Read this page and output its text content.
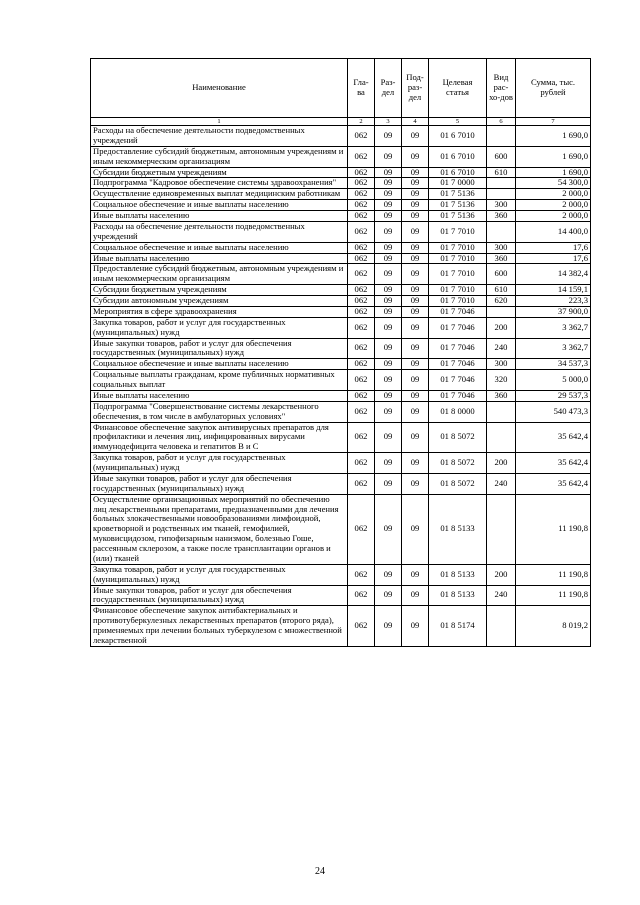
Наименование	Гла-ва	Раз-дел	Под-раз-дел	Целевая статья	Вид рас-хо-дов	Сумма, тыс. рублей
1	2	3	4	5	6	7
Расходы на обеспечение деятельности подведомственных учреждений	062	09	09	01 6 7010		1 690,0
Предоставление субсидий бюджетным, автономным учреждениям и иным некоммерческим организациям	062	09	09	01 6 7010	600	1 690,0
Субсидии бюджетным учреждениям	062	09	09	01 6 7010	610	1 690,0
Подпрограмма "Кадровое обеспечение системы здравоохранения"	062	09	09	01 7 0000		54 300,0
Осуществление единовременных выплат медицинским работникам	062	09	09	01 7 5136		2 000,0
Социальное обеспечение и иные выплаты населению	062	09	09	01 7 5136	300	2 000,0
Иные выплаты населению	062	09	09	01 7 5136	360	2 000,0
Расходы на обеспечение деятельности подведомственных учреждений	062	09	09	01 7 7010		14 400,0
Социальное обеспечение и иные выплаты населению	062	09	09	01 7 7010	300	17,6
Иные выплаты населению	062	09	09	01 7 7010	360	17,6
Предоставление субсидий бюджетным, автономным учреждениям и иным некоммерческим организациям	062	09	09	01 7 7010	600	14 382,4
Субсидии бюджетным учреждениям	062	09	09	01 7 7010	610	14 159,1
Субсидии автономным учреждениям	062	09	09	01 7 7010	620	223,3
Мероприятия в сфере здравоохранения	062	09	09	01 7 7046		37 900,0
Закупка товаров, работ и услуг для государственных (муниципальных) нужд	062	09	09	01 7 7046	200	3 362,7
Иные закупки товаров, работ и услуг для обеспечения государственных (муниципальных) нужд	062	09	09	01 7 7046	240	3 362,7
Социальное обеспечение и иные выплаты населению	062	09	09	01 7 7046	300	34 537,3
Социальные выплаты гражданам, кроме публичных нормативных социальных выплат	062	09	09	01 7 7046	320	5 000,0
Иные выплаты населению	062	09	09	01 7 7046	360	29 537,3
Подпрограмма "Совершенствование системы лекарственного обеспечения, в том числе в амбулаторных условиях"	062	09	09	01 8 0000		540 473,3
Финансовое обеспечение закупок антивирусных препаратов для профилактики и лечения лиц, инфицированных вирусами иммунодефицита человека и гепатитов В и С	062	09	09	01 8 5072		35 642,4
Закупка товаров, работ и услуг для государственных (муниципальных) нужд	062	09	09	01 8 5072	200	35 642,4
Иные закупки товаров, работ и услуг для обеспечения государственных (муниципальных) нужд	062	09	09	01 8 5072	240	35 642,4
Осуществление организационных мероприятий по обеспечению лиц лекарственными препаратами, предназначенными для лечения больных злокачественными новообразованиями лимфоидной, кроветворной и родственных им тканей, гемофилией, муковисцидозом, гипофизарным нанизмом, болезнью Гоше, рассеянным склерозом, а также после трансплантации органов и (или) тканей	062	09	09	01 8 5133		11 190,8
Закупка товаров, работ и услуг для государственных (муниципальных) нужд	062	09	09	01 8 5133	200	11 190,8
Иные закупки товаров, работ и услуг для обеспечения государственных (муниципальных) нужд	062	09	09	01 8 5133	240	11 190,8
Финансовое обеспечение закупок антибактериальных и противотуберкулезных лекарственных препаратов (второго ряда), применяемых при лечении больных туберкулезом с множественной лекарственной	062	09	09	01 8 5174		8 019,2
24
